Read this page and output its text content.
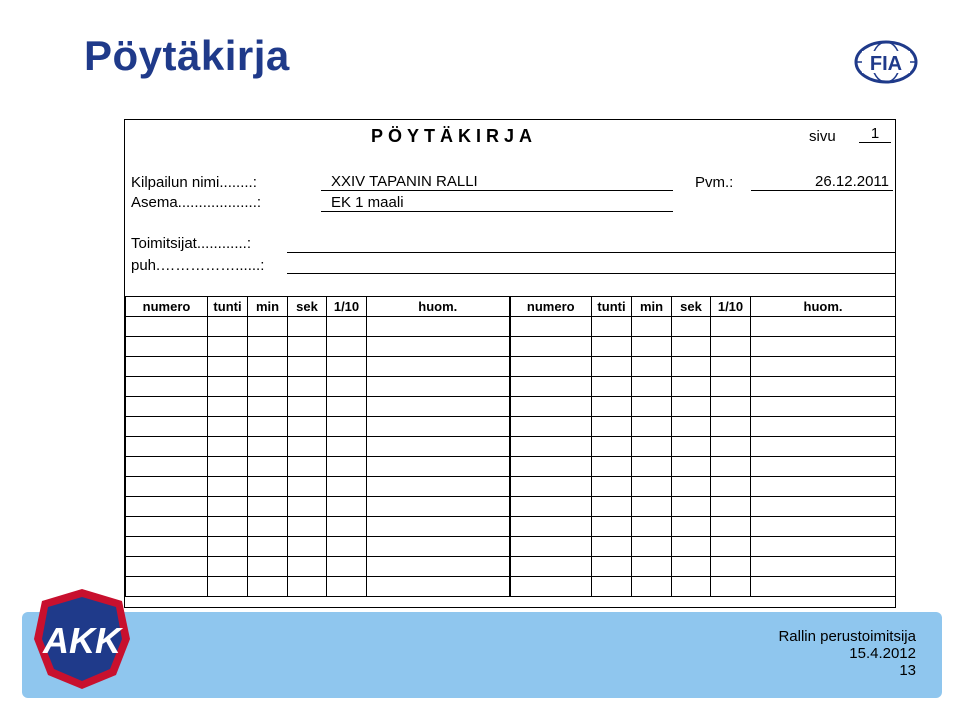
Pöytäkirja	FIA
PÖYTÄKIRJA	sivu	1
Kilpailun nimi........:	XXIV TAPANIN RALLI	Pvm.:	26.12.2011
Asema...................:	EK 1 maali
Toimitsijat............:
puh.……………......:
numero	tunti	min	sek	1/10	huom.	numero	tunti	min	sek	1/10	huom.

AKK	Rallin perustoimitsija
15.4.2012
13
